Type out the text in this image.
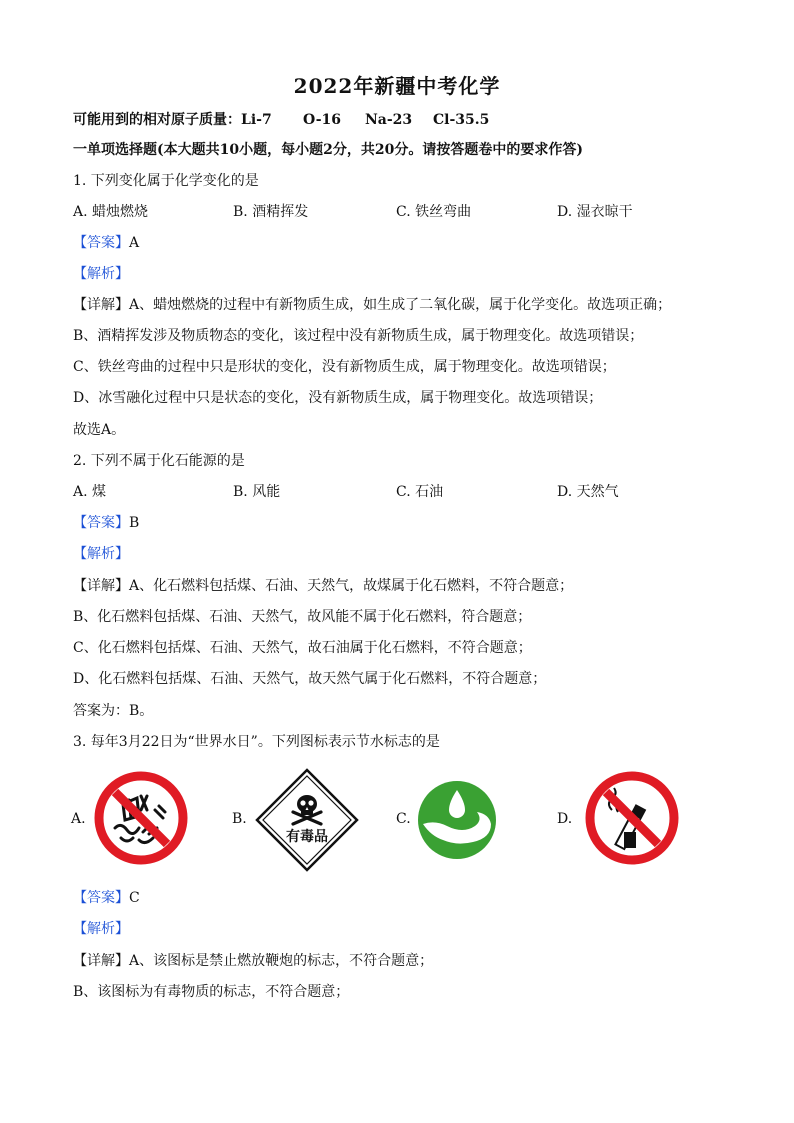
2022年新疆中考化学
可能用到的相对原子质量：Li-7 O-16 Na-23 Cl-35.5
一单项选择题(本大题共10小题，每小题2分，共20分。请按答题卷中的要求作答)
1. 下列变化属于化学变化的是
A. 蜡烛燃烧	B. 酒精挥发	C. 铁丝弯曲	D. 湿衣晾干
【答案】A
【解析】
【详解】A、蜡烛燃烧的过程中有新物质生成，如生成了二氧化碳，属于化学变化。故选项正确；
B、酒精挥发涉及物质物态的变化，该过程中没有新物质生成，属于物理变化。故选项错误；
C、铁丝弯曲的过程中只是形状的变化，没有新物质生成，属于物理变化。故选项错误；
D、冰雪融化过程中只是状态的变化，没有新物质生成，属于物理变化。故选项错误；
故选A。
2. 下列不属于化石能源的是
A. 煤	B. 风能	C. 石油	D. 天然气
【答案】B
【解析】
【详解】A、化石燃料包括煤、石油、天然气，故煤属于化石燃料，不符合题意；
B、化石燃料包括煤、石油、天然气，故风能不属于化石燃料，符合题意；
C、化石燃料包括煤、石油、天然气，故石油属于化石燃料，不符合题意；
D、化石燃料包括煤、石油、天然气，故天然气属于化石燃料，不符合题意；
答案为：B。
3. 每年3月22日为“世界水日”。下列图标表示节水标志的是
A.	B.
有毒品
C.	D.
【答案】C
【解析】
【详解】A、该图标是禁止燃放鞭炮的标志，不符合题意；
B、该图标为有毒物质的标志，不符合题意；
